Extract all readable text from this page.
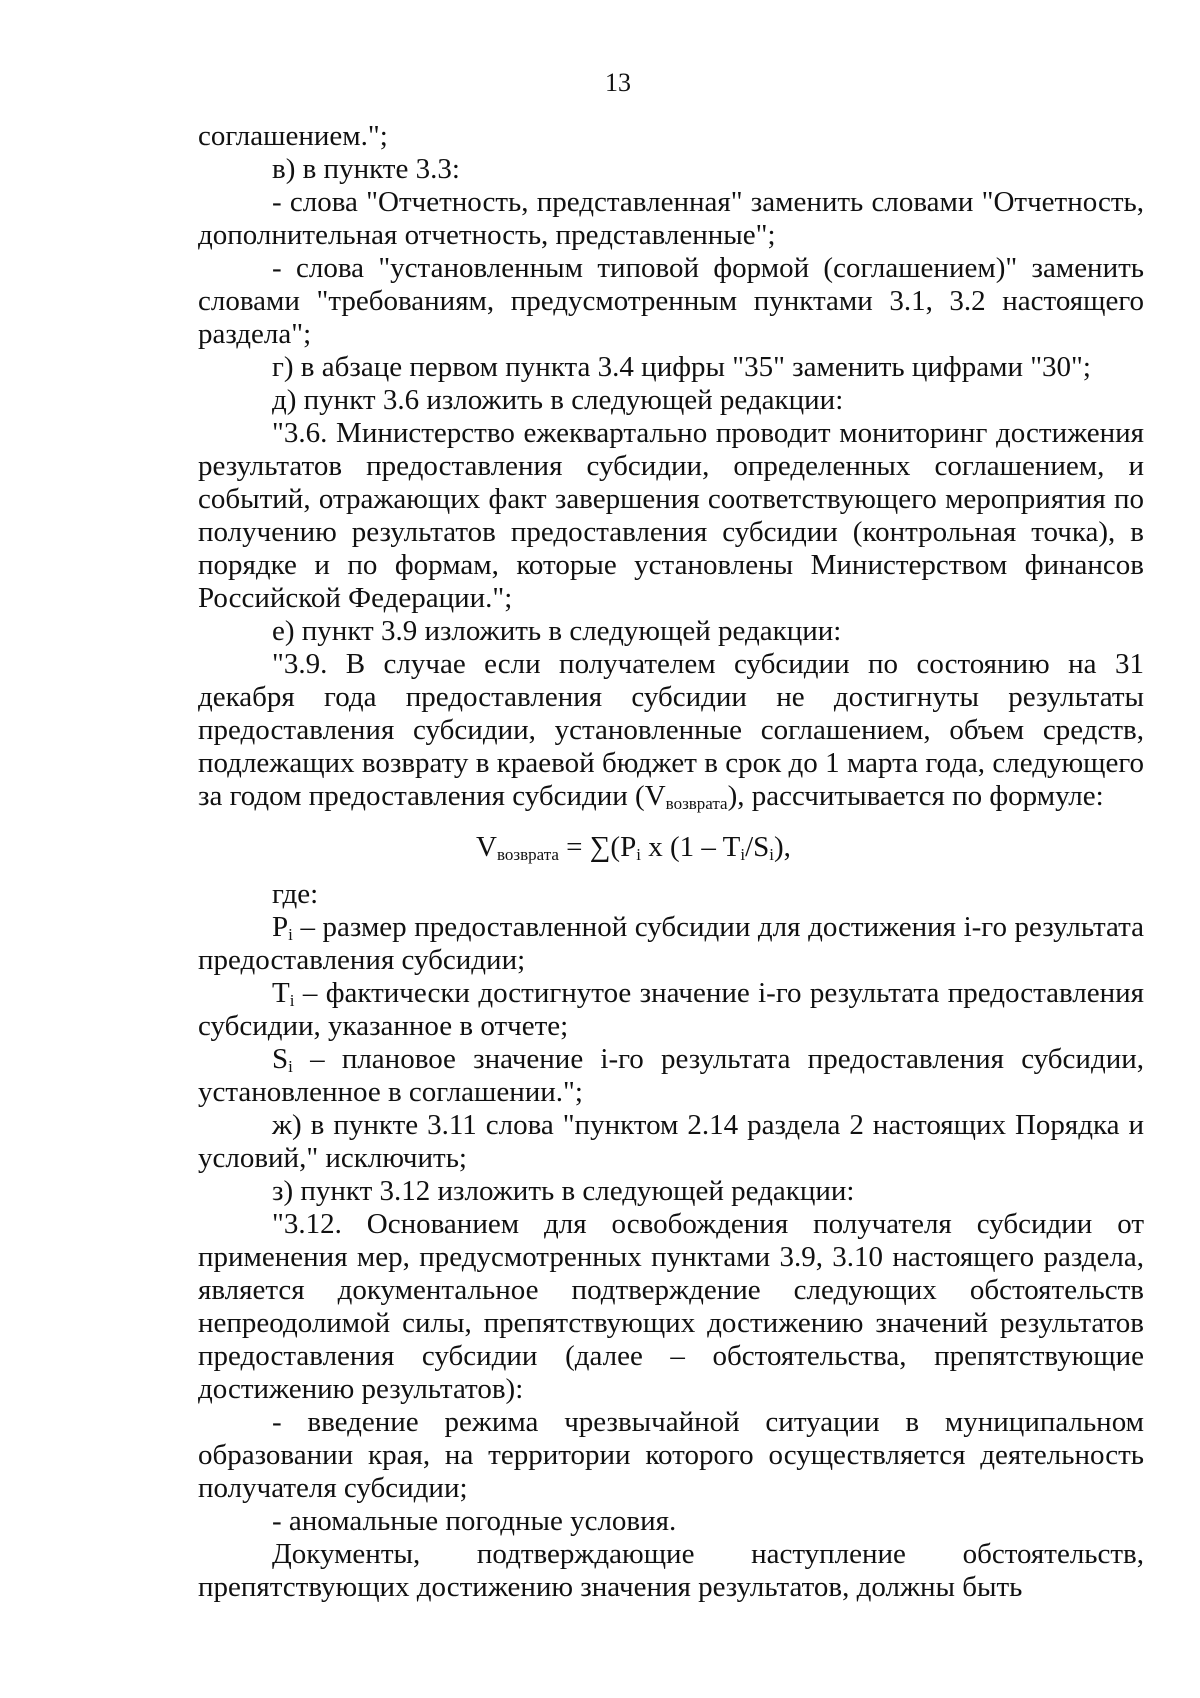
13

соглашением.";

в) в пункте 3.3:

- слова "Отчетность, представленная" заменить словами "Отчетность, дополнительная отчетность, представленные";

- слова "установленным типовой формой (соглашением)" заменить словами "требованиям, предусмотренным пунктами 3.1, 3.2 настоящего раздела";

г) в абзаце первом пункта 3.4 цифры "35" заменить цифрами "30";

д) пункт 3.6 изложить в следующей редакции:

"3.6. Министерство ежеквартально проводит мониторинг достижения результатов предоставления субсидии, определенных соглашением, и событий, отражающих факт завершения соответствующего мероприятия по получению результатов предоставления субсидии (контрольная точка), в порядке и по формам, которые установлены Министерством финансов Российской Федерации.";

е) пункт 3.9 изложить в следующей редакции:

"3.9. В случае если получателем субсидии по состоянию на 31 декабря года предоставления субсидии не достигнуты результаты предоставления субсидии, установленные соглашением, объем средств, подлежащих возврату в краевой бюджет в срок до 1 марта года, следующего за годом предоставления субсидии $(V_{возврата})$, рассчитывается по формуле:

$V_{возврата} = \sum(P_i$ x $(1 - T_i/S_i)$,

где:

$P_i$ – размер предоставленной субсидии для достижения i-го результата предоставления субсидии;

$T_i$ – фактически достигнутое значение i-го результата предоставления субсидии, указанное в отчете;

$S_i$ – плановое значение i-го результата предоставления субсидии, установленное в соглашении.";

ж) в пункте 3.11 слова "пунктом 2.14 раздела 2 настоящих Порядка и условий," исключить;

з) пункт 3.12 изложить в следующей редакции:

"3.12. Основанием для освобождения получателя субсидии от применения мер, предусмотренных пунктами 3.9, 3.10 настоящего раздела, является документальное подтверждение следующих обстоятельств непреодолимой силы, препятствующих достижению значений результатов предоставления субсидии (далее – обстоятельства, препятствующие достижению результатов):

- введение режима чрезвычайной ситуации в муниципальном образовании края, на территории которого осуществляется деятельность получателя субсидии;

- аномальные погодные условия.

Документы, подтверждающие наступление обстоятельств, препятствующих достижению значения результатов, должны быть
